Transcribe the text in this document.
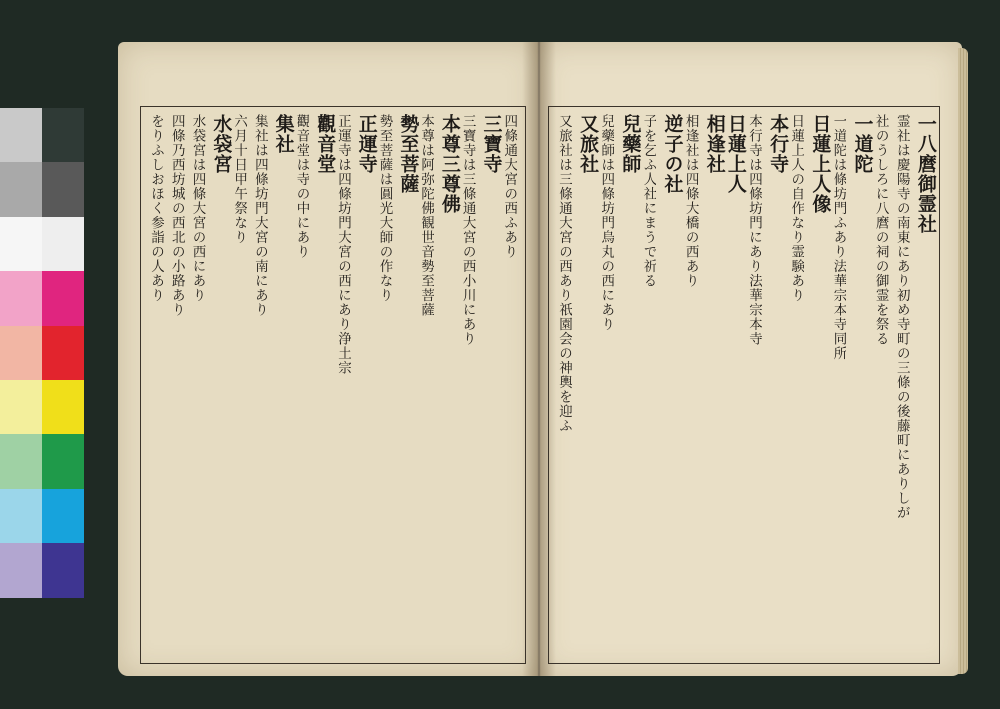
一八麿御霊社
霊社は慶陽寺の南東にあり初め寺町の三條の後藤町にありしが
社のうしろに八麿の祠の御霊を祭る
一道陀
一道陀は條坊門ふあり法華宗本寺同所
日蓮上人像
日蓮上人の自作なり霊験あり
本行寺
本行寺は四條坊門にあり法華宗本寺
日蓮上人
相逢社
相逢社は四條大橋の西あり
逆子の社
子を乞ふ人社にまうで祈る
兒藥師
兒藥師は四條坊門烏丸の西にあり
又旅社
又旅社は三條通大宮の西あり祇園会の神輿を迎ふ
四條通大宮の西ふあり
三寶寺
三寶寺は三條通大宮の西小川にあり
本尊三尊佛
本尊は阿弥陀佛観世音勢至菩薩
勢至菩薩
勢至菩薩は圓光大師の作なり
正運寺
正運寺は四條坊門大宮の西にあり浄土宗
觀音堂
觀音堂は寺の中にあり
集社
集社は四條坊門大宮の南にあり
六月十日甲午祭なり
水袋宮
水袋宮は四條大宮の西にあり
四條乃西坊城の西北の小路あり
をりふしおほく参詣の人あり
